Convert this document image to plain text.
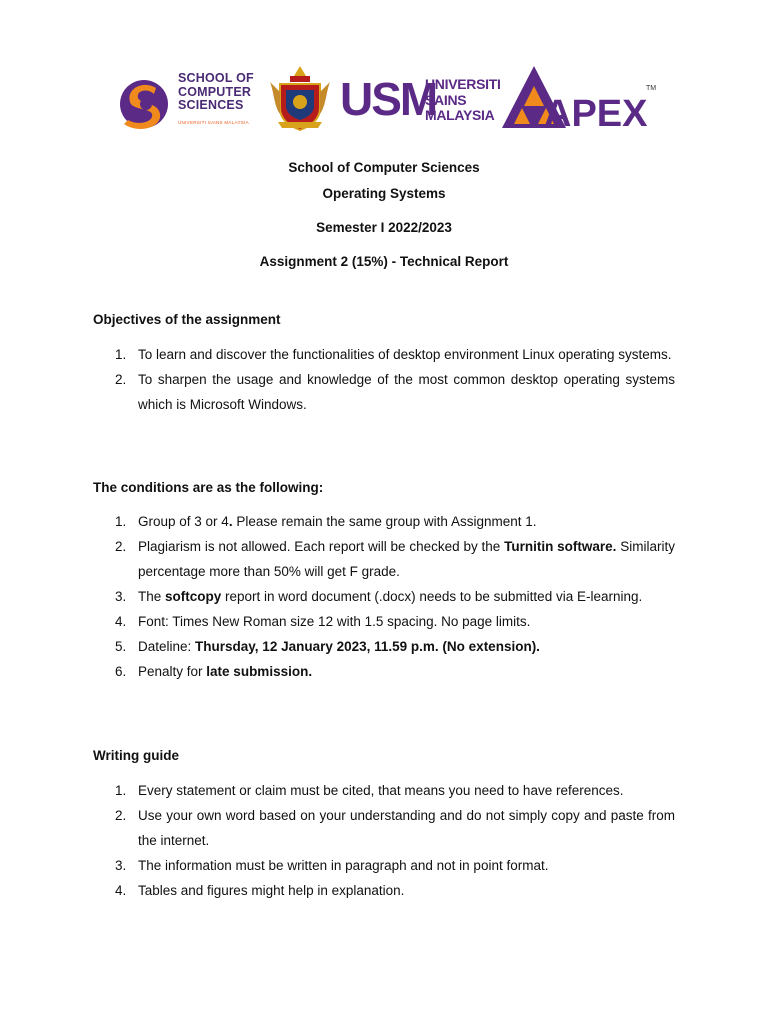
SCHOOL OF
COMPUTER
SCIENCES
UNIVERSITI SAINS MALAYSIA USM
UNIVERSITI
SAINS
MALAYSIA APEX
TM
School of Computer Sciences
Operating Systems
Semester I 2022/2023
Assignment 2 (15%) - Technical Report
Objectives of the assignment
1. To learn and discover the functionalities of desktop environment Linux operating systems.
2. To sharpen the usage and knowledge of the most common desktop operating systems which is Microsoft Windows.
The conditions are as the following:
1. Group of 3 or 4. Please remain the same group with Assignment 1.
2. Plagiarism is not allowed. Each report will be checked by the Turnitin software. Similarity percentage more than 50% will get F grade.
3. The softcopy report in word document (.docx) needs to be submitted via E-learning.
4. Font: Times New Roman size 12 with 1.5 spacing. No page limits.
5. Dateline: Thursday, 12 January 2023, 11.59 p.m. (No extension).
6. Penalty for late submission.
Writing guide
1. Every statement or claim must be cited, that means you need to have references.
2. Use your own word based on your understanding and do not simply copy and paste from the internet.
3. The information must be written in paragraph and not in point format.
4. Tables and figures might help in explanation.
